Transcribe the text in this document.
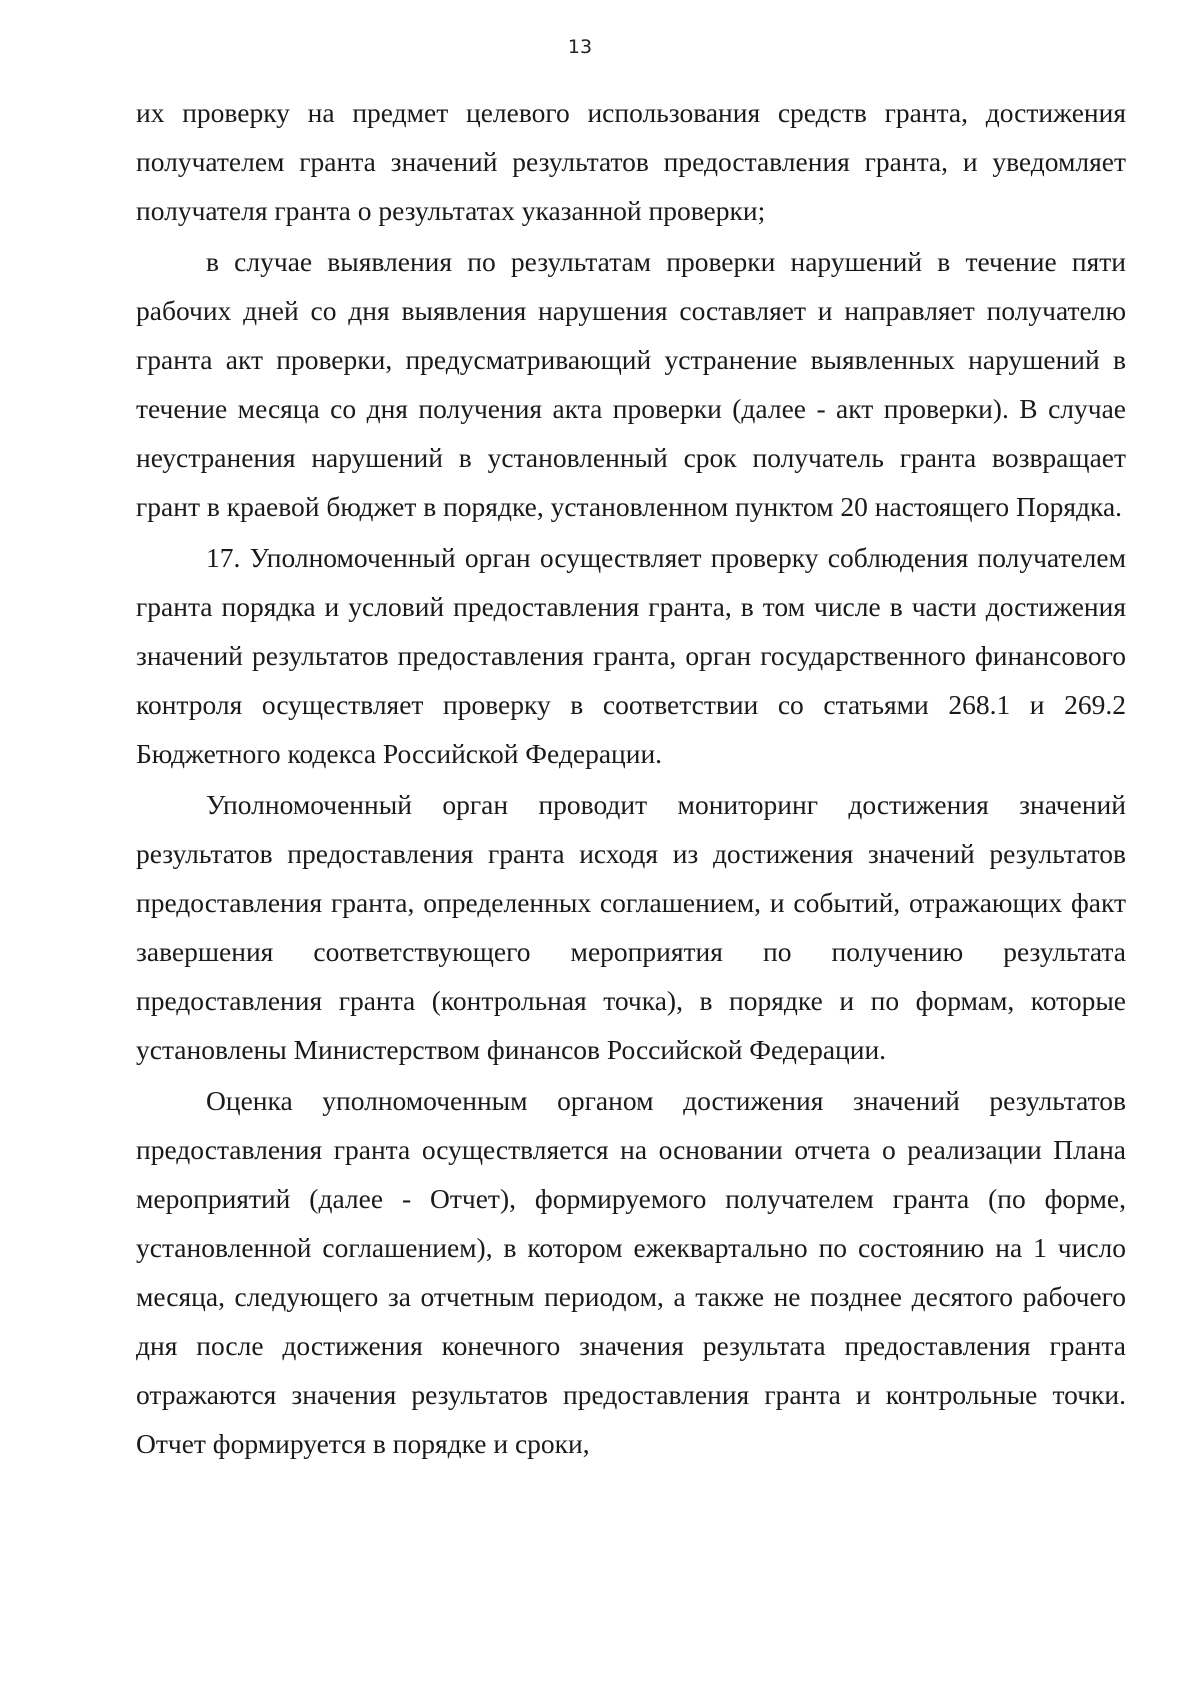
13

их проверку на предмет целевого использования средств гранта, достижения получателем гранта значений результатов предоставления гранта, и уведомляет получателя гранта о результатах указанной проверки;

в случае выявления по результатам проверки нарушений в течение пяти рабочих дней со дня выявления нарушения составляет и направляет получателю гранта акт проверки, предусматривающий устранение выявленных нарушений в течение месяца со дня получения акта проверки (далее - акт проверки). В случае неустранения нарушений в установленный срок получатель гранта возвращает грант в краевой бюджет в порядке, установленном пунктом 20 настоящего Порядка.

17. Уполномоченный орган осуществляет проверку соблюдения получателем гранта порядка и условий предоставления гранта, в том числе в части достижения значений результатов предоставления гранта, орган государственного финансового контроля осуществляет проверку в соответствии со статьями 268.1 и 269.2 Бюджетного кодекса Российской Федерации.

Уполномоченный орган проводит мониторинг достижения значений результатов предоставления гранта исходя из достижения значений результатов предоставления гранта, определенных соглашением, и событий, отражающих факт завершения соответствующего мероприятия по получению результата предоставления гранта (контрольная точка), в порядке и по формам, которые установлены Министерством финансов Российской Федерации.

Оценка уполномоченным органом достижения значений результатов предоставления гранта осуществляется на основании отчета о реализации Плана мероприятий (далее - Отчет), формируемого получателем гранта (по форме, установленной соглашением), в котором ежеквартально по состоянию на 1 число месяца, следующего за отчетным периодом, а также не позднее десятого рабочего дня после достижения конечного значения результата предоставления гранта отражаются значения результатов предоставления гранта и контрольные точки. Отчет формируется в порядке и сроки,
